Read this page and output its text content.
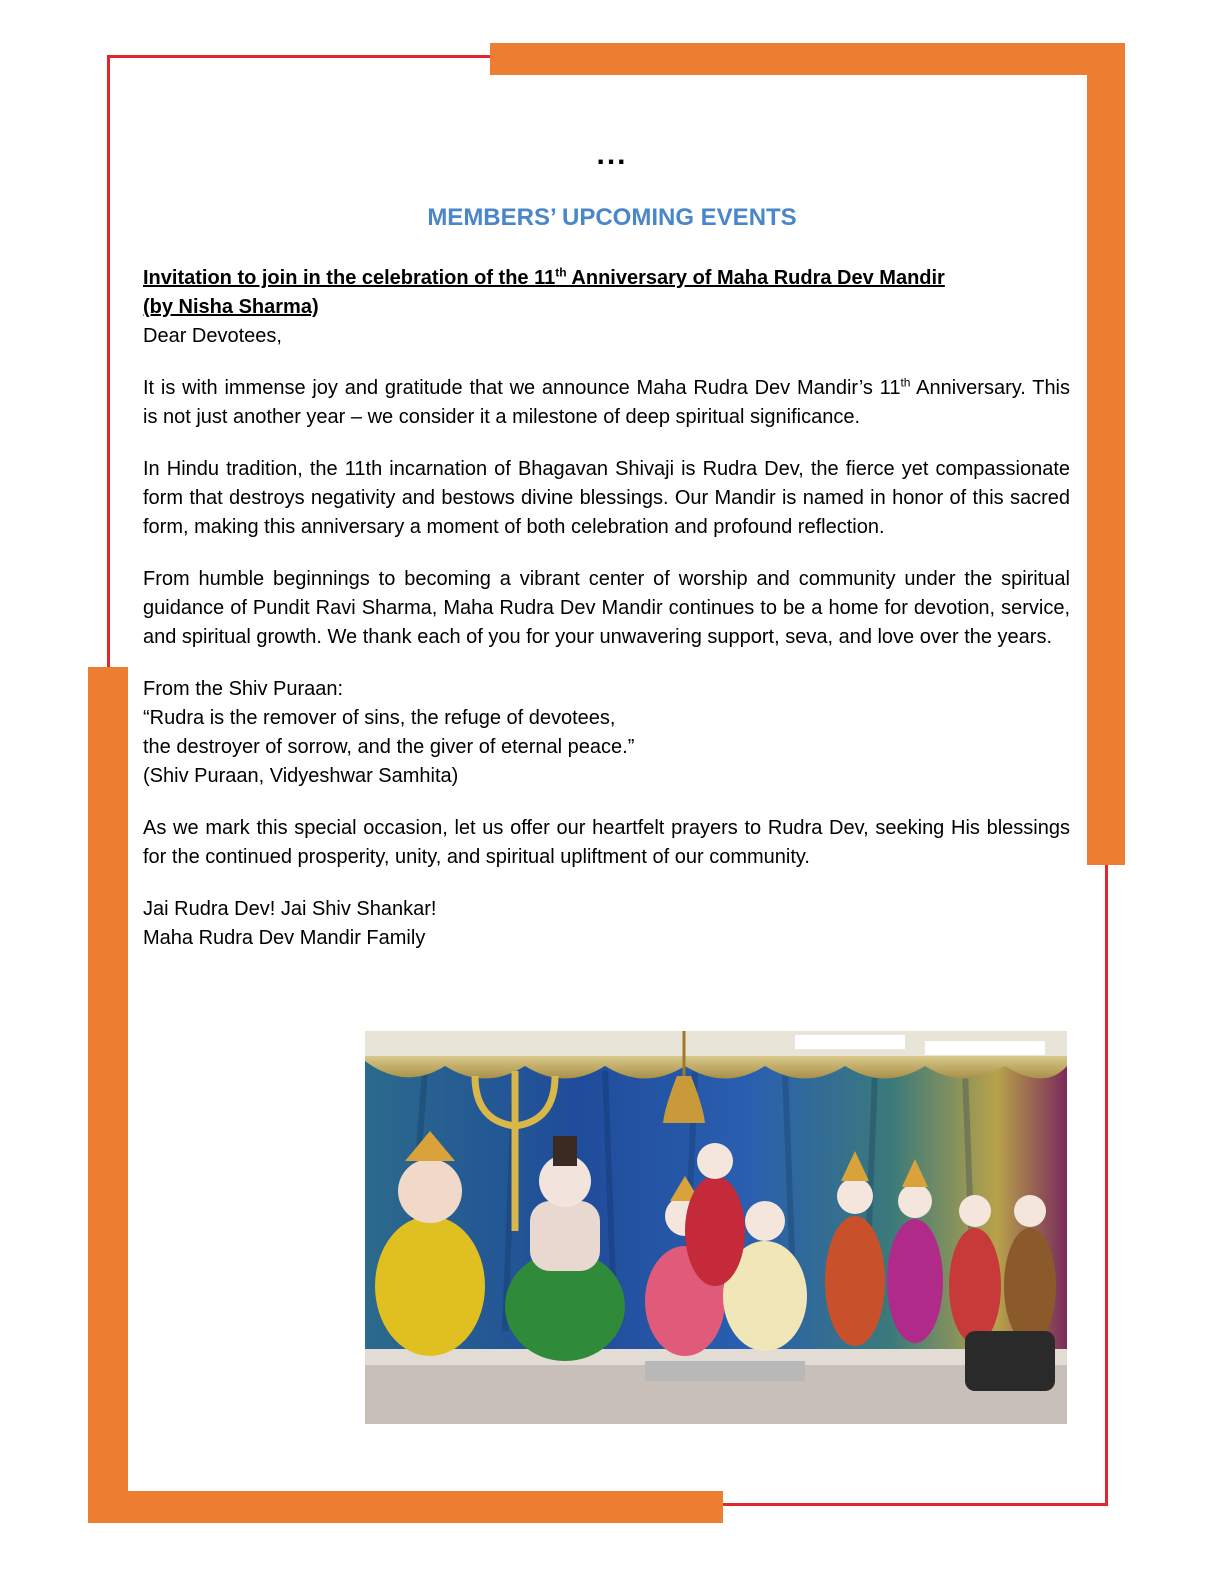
...
MEMBERS’ UPCOMING EVENTS
Invitation to join in the celebration of the 11th Anniversary of Maha Rudra Dev Mandir
(by Nisha Sharma)

Dear Devotees,

It is with immense joy and gratitude that we announce Maha Rudra Dev Mandir’s 11th Anniversary. This is not just another year – we consider it a milestone of deep spiritual significance.

In Hindu tradition, the 11th incarnation of Bhagavan Shivaji is Rudra Dev, the fierce yet compassionate form that destroys negativity and bestows divine blessings. Our Mandir is named in honor of this sacred form, making this anniversary a moment of both celebration and profound reflection.

From humble beginnings to becoming a vibrant center of worship and community under the spiritual guidance of Pundit Ravi Sharma, Maha Rudra Dev Mandir continues to be a home for devotion, service, and spiritual growth. We thank each of you for your unwavering support, seva, and love over the years.

From the Shiv Puraan:
“Rudra is the remover of sins, the refuge of devotees,
the destroyer of sorrow, and the giver of eternal peace.”
(Shiv Puraan, Vidyeshwar Samhita)

As we mark this special occasion, let us offer our heartfelt prayers to Rudra Dev, seeking His blessings for the continued prosperity, unity, and spiritual upliftment of our community.

Jai Rudra Dev! Jai Shiv Shankar!
Maha Rudra Dev Mandir Family
